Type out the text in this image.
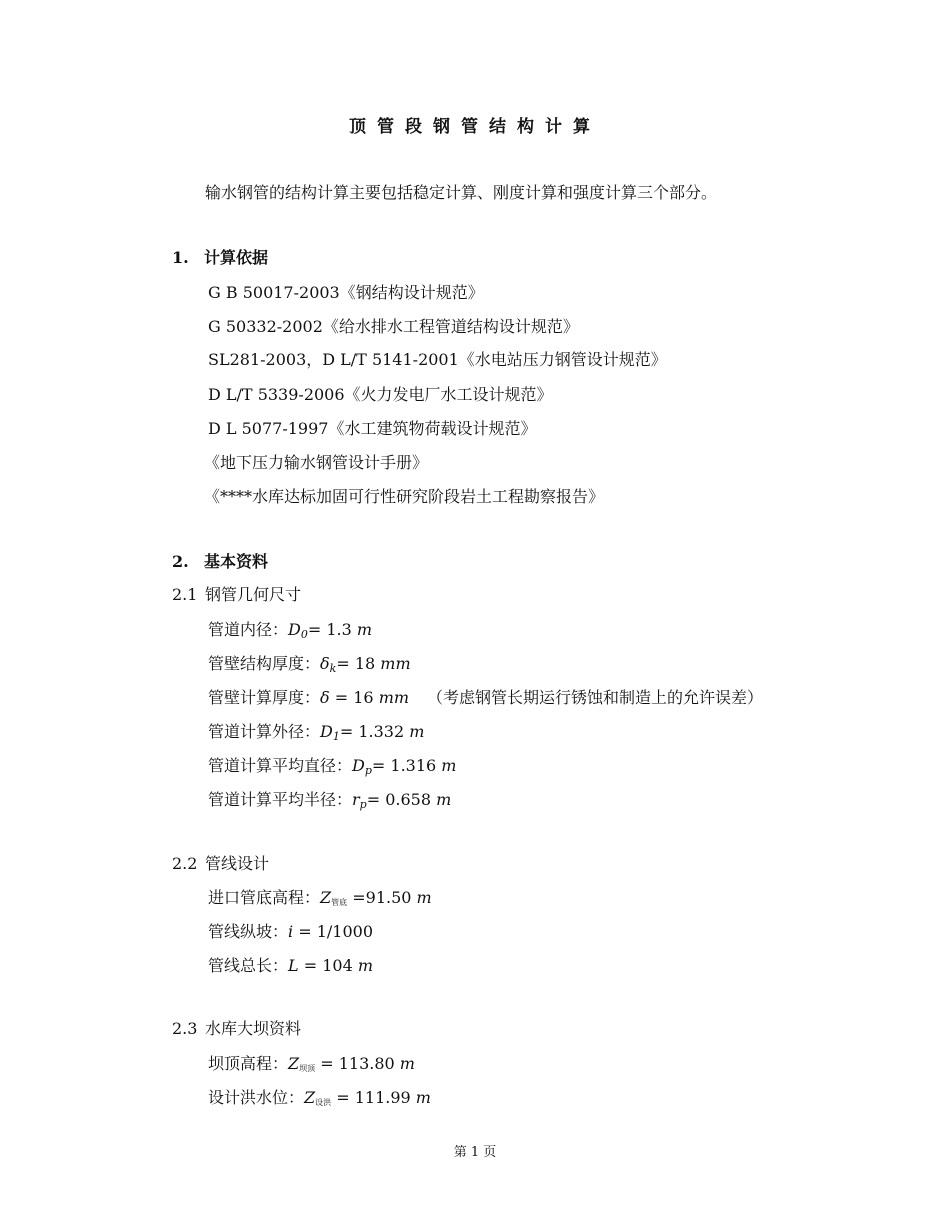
顶管段钢管结构计算
输水钢管的结构计算主要包括稳定计算、刚度计算和强度计算三个部分。
1. 计算依据
G B 50017-2003《钢结构设计规范》
G 50332-2002《给水排水工程管道结构设计规范》
SL281-2003，D L/T 5141-2001《水电站压力钢管设计规范》
D L/T 5339-2006《火力发电厂水工设计规范》
D L 5077-1997《水工建筑物荷载设计规范》
《地下压力输水钢管设计手册》
《****水库达标加固可行性研究阶段岩土工程勘察报告》
2. 基本资料
2.1 钢管几何尺寸
管道内径：$D_0= 1.3$ m
管壁结构厚度：$\delta_k= 18$ mm
管壁计算厚度：δ = 16 mm （考虑钢管长期运行锈蚀和制造上的允许误差）
管道计算外径：$D_1= 1.332$ m
管道计算平均直径：$D_p= 1.316$ m
管道计算平均半径：$r_p= 0.658$ m
2.2 管线设计
进口管底高程：Z管底 =91.50 m
管线纵坡：i = 1/1000
管线总长：L = 104 m
2.3 水库大坝资料
坝顶高程：Z坝顶 = 113.80 m
设计洪水位：Z设洪 = 111.99 m
第 1 页
